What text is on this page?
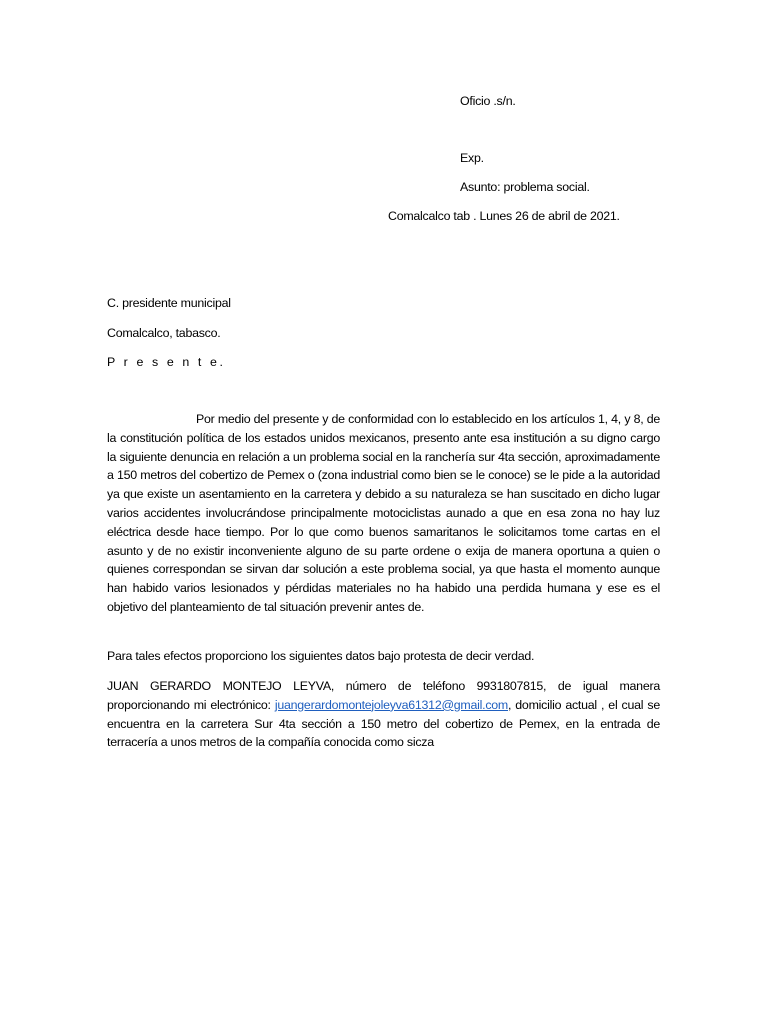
Oficio .s/n.
Exp.
Asunto: problema social.
Comalcalco tab . Lunes 26 de abril de 2021.
C. presidente municipal
Comalcalco, tabasco.
P r e s e n t e.
Por medio del presente y de conformidad con lo establecido en los artículos 1, 4, y 8, de la constitución política de los estados unidos mexicanos, presento ante esa institución a su digno cargo la siguiente denuncia en relación a un problema social en la ranchería sur 4ta sección, aproximadamente a 150 metros del cobertizo de Pemex o (zona industrial como bien se le conoce) se le pide a la autoridad ya que existe un asentamiento en la carretera y debido a su naturaleza se han suscitado en dicho lugar varios accidentes involucrándose principalmente motociclistas aunado a que en esa zona no hay luz eléctrica desde hace tiempo. Por lo que como buenos samaritanos le solicitamos tome cartas en el asunto y de no existir inconveniente alguno de su parte ordene o exija de manera oportuna a quien o quienes correspondan se sirvan dar solución a este problema social, ya que hasta el momento aunque han habido varios lesionados y pérdidas materiales no ha habido una perdida humana y ese es el objetivo del planteamiento de tal situación prevenir antes de.
Para tales efectos proporciono los siguientes datos bajo protesta de decir verdad.
JUAN GERARDO MONTEJO LEYVA, número de teléfono 9931807815, de igual manera proporcionando mi electrónico: juangerardomontejoleyva61312@gmail.com, domicilio actual , el cual se encuentra en la carretera Sur 4ta sección a 150 metro del cobertizo de Pemex, en la entrada de terracería a unos metros de la compañía conocida como sicza
